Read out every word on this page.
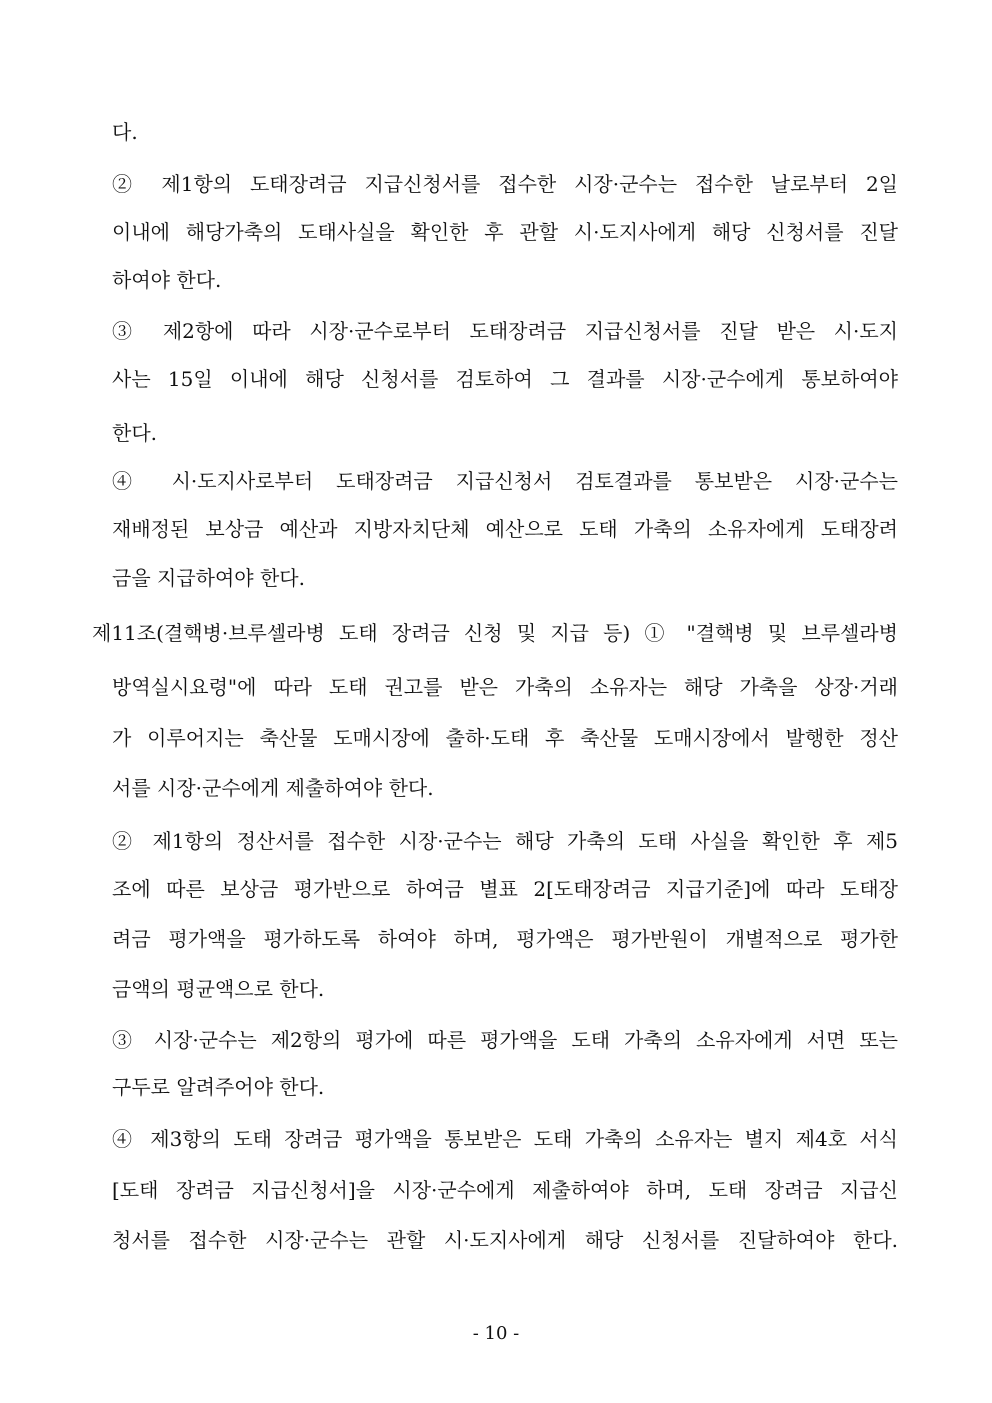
다.
② 제1항의 도태장려금 지급신청서를 접수한 시장·군수는 접수한 날로부터 2일
이내에 해당가축의 도태사실을 확인한 후 관할 시·도지사에게 해당 신청서를 진달
하여야 한다.
③ 제2항에 따라 시장·군수로부터 도태장려금 지급신청서를 진달 받은 시·도지
사는 15일 이내에 해당 신청서를 검토하여 그 결과를 시장·군수에게 통보하여야
한다.
④ 시·도지사로부터 도태장려금 지급신청서 검토결과를 통보받은 시장·군수는
재배정된 보상금 예산과 지방자치단체 예산으로 도태 가축의 소유자에게 도태장려
금을 지급하여야 한다.
제11조(결핵병·브루셀라병 도태 장려금 신청 및 지급 등) ① "결핵병 및 브루셀라병
방역실시요령"에 따라 도태 권고를 받은 가축의 소유자는 해당 가축을 상장·거래
가 이루어지는 축산물 도매시장에 출하·도태 후 축산물 도매시장에서 발행한 정산
서를 시장·군수에게 제출하여야 한다.
② 제1항의 정산서를 접수한 시장·군수는 해당 가축의 도태 사실을 확인한 후 제5
조에 따른 보상금 평가반으로 하여금 별표 2[도태장려금 지급기준]에 따라 도태장
려금 평가액을 평가하도록 하여야 하며, 평가액은 평가반원이 개별적으로 평가한
금액의 평균액으로 한다.
③ 시장·군수는 제2항의 평가에 따른 평가액을 도태 가축의 소유자에게 서면 또는
구두로 알려주어야 한다.
④ 제3항의 도태 장려금 평가액을 통보받은 도태 가축의 소유자는 별지 제4호 서식
[도태 장려금 지급신청서]을 시장·군수에게 제출하여야 하며, 도태 장려금 지급신
청서를 접수한 시장·군수는 관할 시·도지사에게 해당 신청서를 진달하여야 한다.
- 10 -
